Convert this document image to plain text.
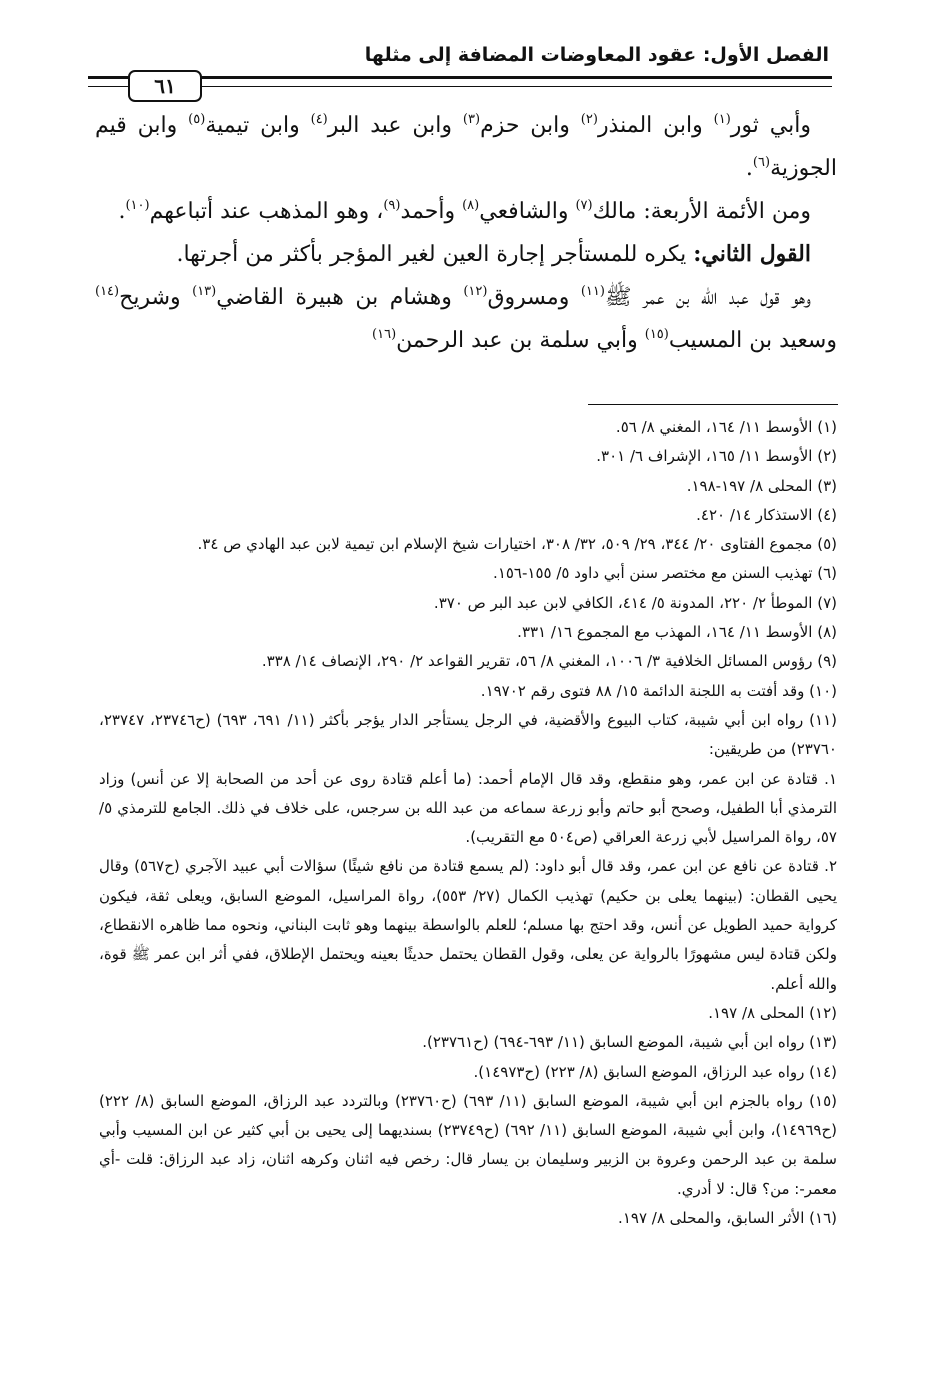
الفصل الأول: عقود المعاوضات المضافة إلى مثلها
٦١

وأبي ثور$^{(١)}$ وابن المنذر$^{(٢)}$ وابن حزم$^{(٣)}$ وابن عبد البر$^{(٤)}$ وابن تيمية$^{(٥)}$ وابن قيم الجوزية$^{(٦)}$.

ومن الأئمة الأربعة: مالك$^{(٧)}$ والشافعي$^{(٨)}$ وأحمد$^{(٩)}$، وهو المذهب عند أتباعهم$^{(١٠)}$.

القول الثاني: يكره للمستأجر إجارة العين لغير المؤجر بأكثر من أجرتها.

وهو قول عبد الله بن عمر ﷺ$^{(١١)}$ ومسروق$^{(١٢)}$ وهشام بن هبيرة القاضي$^{(١٣)}$ وشريح$^{(١٤)}$ وسعيد بن المسيب$^{(١٥)}$ وأبي سلمة بن عبد الرحمن$^{(١٦)}$

(١) الأوسط ١١/ ١٦٤، المغني ٨/ ٥٦.

(٢) الأوسط ١١/ ١٦٥، الإشراف ٦/ ٣٠١.

(٣) المحلى ٨/ ١٩٧-١٩٨.

(٤) الاستذكار ١٤/ ٤٢٠.

(٥) مجموع الفتاوى ٢٠/ ٣٤٤، ٢٩/ ٥٠٩، ٣٢/ ٣٠٨، اختيارات شيخ الإسلام ابن تيمية لابن عبد الهادي ص ٣٤.

(٦) تهذيب السنن مع مختصر سنن أبي داود ٥/ ١٥٥-١٥٦.

(٧) الموطأ ٢/ ٢٢٠، المدونة ٥/ ٤١٤، الكافي لابن عبد البر ص ٣٧٠.

(٨) الأوسط ١١/ ١٦٤، المهذب مع المجموع ١٦/ ٣٣١.

(٩) رؤوس المسائل الخلافية ٣/ ١٠٠٦، المغني ٨/ ٥٦، تقرير القواعد ٢/ ٢٩٠، الإنصاف ١٤/ ٣٣٨.

(١٠) وقد أفتت به اللجنة الدائمة ١٥/ ٨٨ فتوى رقم ١٩٧٠٢.

(١١) رواه ابن أبي شيبة، كتاب البيوع والأقضية، في الرجل يستأجر الدار يؤجر بأكثر (١١/ ٦٩١، ٦٩٣) (ح٢٣٧٤٦، ٢٣٧٤٧، ٢٣٧٦٠) من طريقين:

١. قتادة عن ابن عمر، وهو منقطع، وقد قال الإمام أحمد: (ما أعلم قتادة روى عن أحد من الصحابة إلا عن أنس) وزاد الترمذي أبا الطفيل، وصحح أبو حاتم وأبو زرعة سماعه من عبد الله بن سرجس، على خلاف في ذلك. الجامع للترمذي ٥/ ٥٧، رواة المراسيل لأبي زرعة العراقي (ص٥٠٤ مع التقريب).

٢. قتادة عن نافع عن ابن عمر، وقد قال أبو داود: (لم يسمع قتادة من نافع شيئًا) سؤالات أبي عبيد الآجري (ح٥٦٧) وقال يحيى القطان: (بينهما يعلى بن حكيم) تهذيب الكمال (٢٧/ ٥٥٣)، رواة المراسيل، الموضع السابق، ويعلى ثقة، فيكون كرواية حميد الطويل عن أنس، وقد احتج بها مسلم؛ للعلم بالواسطة بينهما وهو ثابت البناني، ونحوه مما ظاهره الانقطاع، ولكن قتادة ليس مشهورًا بالرواية عن يعلى، وقول القطان يحتمل حديثًا بعينه ويحتمل الإطلاق، ففي أثر ابن عمر ﷺ قوة، والله أعلم.

(١٢) المحلى ٨/ ١٩٧.

(١٣) رواه ابن أبي شيبة، الموضع السابق (١١/ ٦٩٣-٦٩٤) (ح٢٣٧٦١).

(١٤) رواه عبد الرزاق، الموضع السابق (٨/ ٢٢٣) (ح١٤٩٧٣).

(١٥) رواه بالجزم ابن أبي شيبة، الموضع السابق (١١/ ٦٩٣) (ح٢٣٧٦٠) وبالتردد عبد الرزاق، الموضع السابق (٨/ ٢٢٢) (ح١٤٩٦٩)، وابن أبي شيبة، الموضع السابق (١١/ ٦٩٢) (ح٢٣٧٤٩) بسنديهما إلى يحيى بن أبي كثير عن ابن المسيب وأبي سلمة بن عبد الرحمن وعروة بن الزبير وسليمان بن يسار قال: رخص فيه اثنان وكرهه اثنان، زاد عبد الرزاق: قلت -أي معمر-: من؟ قال: لا أدري.

(١٦) الأثر السابق، والمحلى ٨/ ١٩٧.
